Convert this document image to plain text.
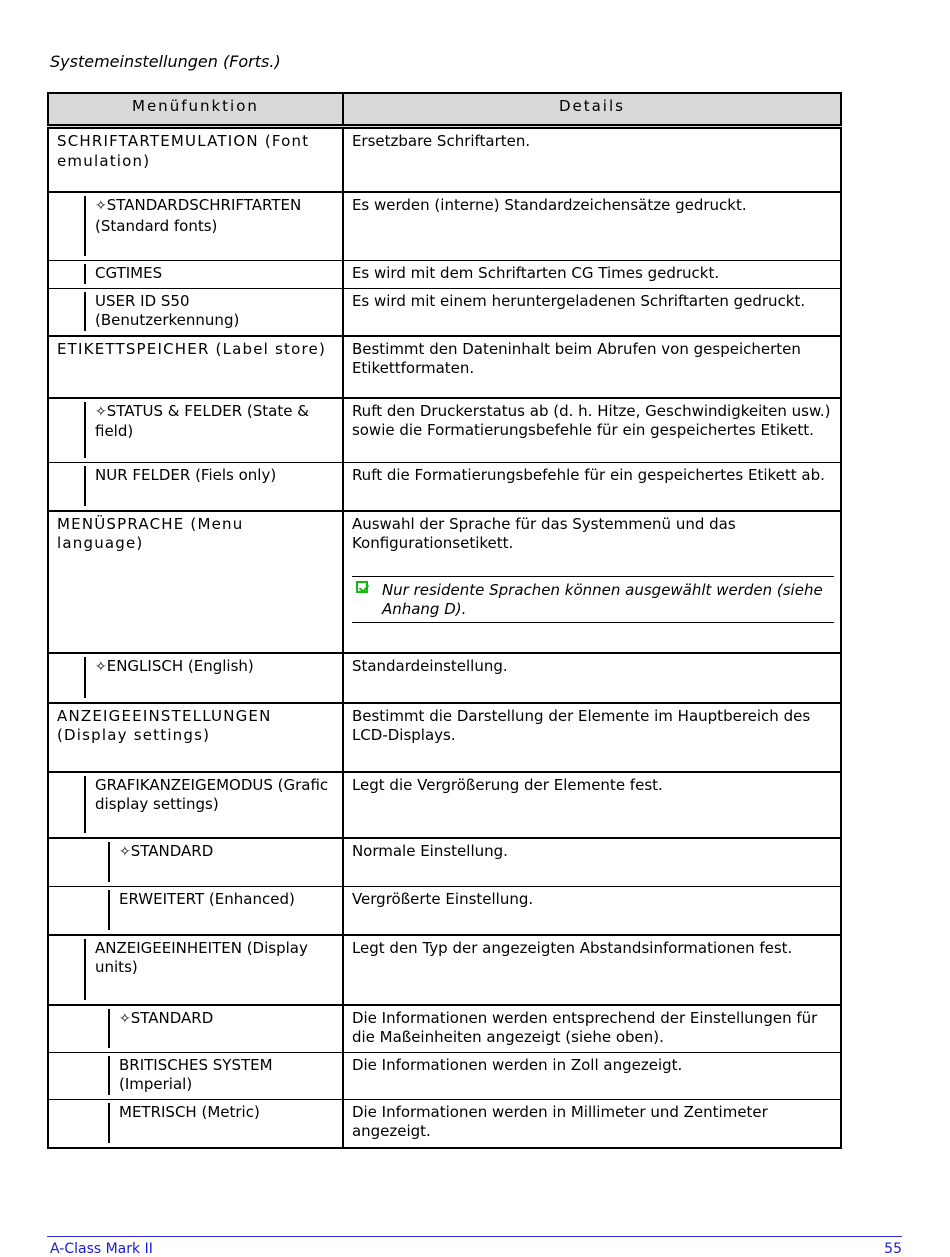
Systemeinstellungen (Forts.)
Menüfunktion	Details

SCHRIFTARTEMULATION (Font emulation)	Ersetzbare Schriftarten.

✧STANDARDSCHRIFTARTEN (Standard fonts)	Es werden (interne) Standardzeichensätze gedruckt.

CGTIMES	Es wird mit dem Schriftarten CG Times gedruckt.

USER ID S50 (Benutzerkennung)	Es wird mit einem heruntergeladenen Schriftarten gedruckt.

ETIKETTSPEICHER (Label store)	Bestimmt den Dateninhalt beim Abrufen von gespeicherten Etikettformaten.

✧STATUS & FELDER (State & field)	Ruft den Druckerstatus ab (d. h. Hitze, Geschwindigkeiten usw.) sowie die Formatierungsbefehle für ein gespeichertes Etikett.

NUR FELDER (Fiels only)	Ruft die Formatierungsbefehle für ein gespeichertes Etikett ab.

MENÜSPRACHE (Menu language)	Auswahl der Sprache für das Systemmenü und das Konfigurationsetikett.
Nur residente Sprachen können ausgewählt werden (siehe Anhang D).

✧ENGLISCH (English)	Standardeinstellung.

ANZEIGEEINSTELLUNGEN (Display settings)	Bestimmt die Darstellung der Elemente im Hauptbereich des LCD-Displays.

GRAFIKANZEIGEMODUS (Grafic display settings)	Legt die Vergrößerung der Elemente fest.

✧STANDARD	Normale Einstellung.

ERWEITERT (Enhanced)	Vergrößerte Einstellung.

ANZEIGEEINHEITEN (Display units)	Legt den Typ der angezeigten Abstandsinformationen fest.

✧STANDARD	Die Informationen werden entsprechend der Einstellungen für die Maßeinheiten angezeigt (siehe oben).

BRITISCHES SYSTEM (Imperial)	Die Informationen werden in Zoll angezeigt.

METRISCH (Metric)	Die Informationen werden in Millimeter und Zentimeter angezeigt.
A-Class Mark II	55
